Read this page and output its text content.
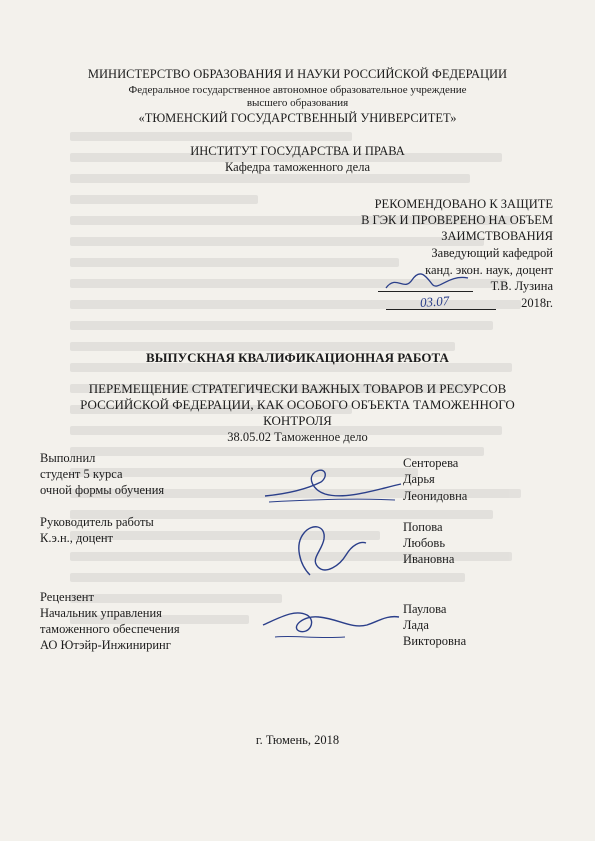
МИНИСТЕРСТВО ОБРАЗОВАНИЯ И НАУКИ РОССИЙСКОЙ ФЕДЕРАЦИИ
Федеральное государственное автономное образовательное учреждение
высшего образования
«ТЮМЕНСКИЙ ГОСУДАРСТВЕННЫЙ УНИВЕРСИТЕТ»
ИНСТИТУТ ГОСУДАРСТВА И ПРАВА
Кафедра таможенного дела
РЕКОМЕНДОВАНО К ЗАЩИТЕ
В ГЭК И ПРОВЕРЕНО НА ОБЪЕМ
ЗАИМСТВОВАНИЯ
Заведующий кафедрой
канд. экон. наук, доцент
Т.В. Лузина
03.07	2018г.
ВЫПУСКНАЯ КВАЛИФИКАЦИОННАЯ РАБОТА
ПЕРЕМЕЩЕНИЕ СТРАТЕГИЧЕСКИ ВАЖНЫХ ТОВАРОВ И РЕСУРСОВ
РОССИЙСКОЙ ФЕДЕРАЦИИ, КАК ОСОБОГО ОБЪЕКТА ТАМОЖЕННОГО
КОНТРОЛЯ
38.05.02 Таможенное дело
Выполнил
студент 5 курса
очной формы обучения
Сенторева
Дарья
Леонидовна
Руководитель работы
К.э.н., доцент
Попова
Любовь
Ивановна
Рецензент
Начальник управления
таможенного обеспечения
АО Ютэйр-Инжиниринг
Паулова
Лада
Викторовна
г. Тюмень, 2018
